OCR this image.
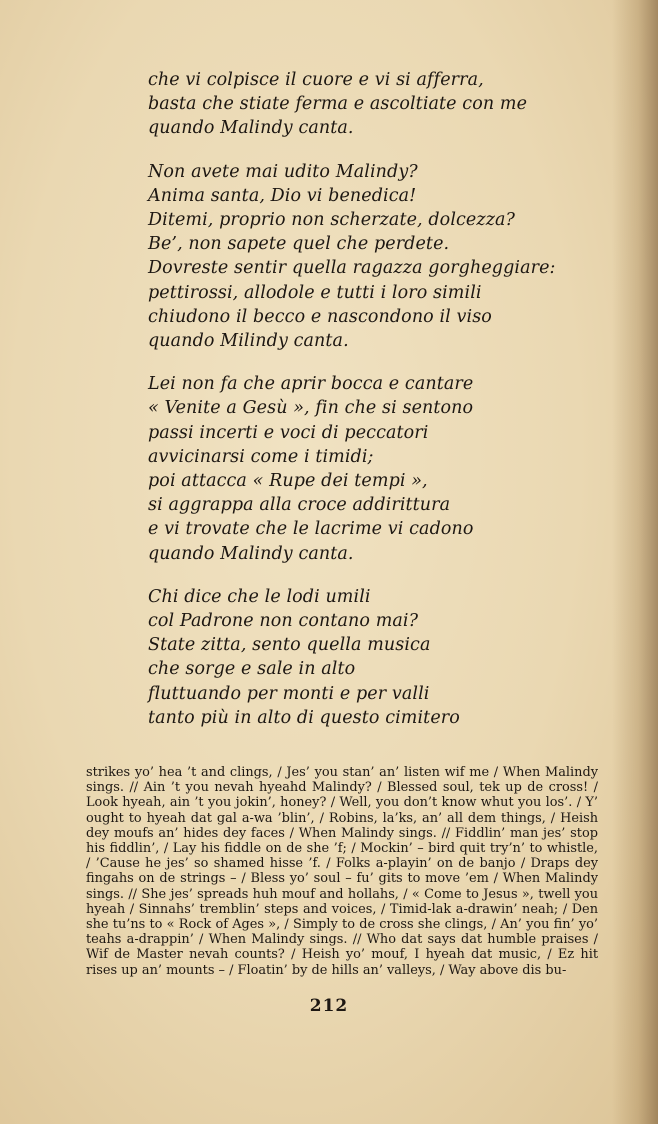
che vi colpisce il cuore e vi si afferra,
basta che stiate ferma e ascoltiate con me
quando Malindy canta.
Non avete mai udito Malindy?
Anima santa, Dio vi benedica!
Ditemi, proprio non scherzate, dolcezza?
Be’, non sapete quel che perdete.
Dovreste sentir quella ragazza gorgheggiare:
pettirossi, allodole e tutti i loro simili
chiudono il becco e nascondono il viso
quando Milindy canta.
Lei non fa che aprir bocca e cantare
« Venite a Gesù », fin che si sentono
passi incerti e voci di peccatori
avvicinarsi come i timidi;
poi attacca « Rupe dei tempi »,
si aggrappa alla croce addirittura
e vi trovate che le lacrime vi cadono
quando Malindy canta.
Chi dice che le lodi umili
col Padrone non contano mai?
State zitta, sento quella musica
che sorge e sale in alto
fluttuando per monti e per valli
tanto più in alto di questo cimitero
strikes yo’ hea ’t and clings, / Jes’ you stan’ an’ listen wif me / When Malindy sings. // Ain ’t you nevah hyeahd Malindy? / Blessed soul, tek up de cross! / Look hyeah, ain ’t you jokin’, honey? / Well, you don’t know whut you los’. / Y’ ought to hyeah dat gal a-wa ’blin’, / Robins, la’ks, an’ all dem things, / Heish dey moufs an’ hides dey faces / When Malindy sings. // Fiddlin’ man jes’ stop his fiddlin’, / Lay his fiddle on de she ’f; / Mockin’ – bird quit try’n’ to whistle, / ’Cause he jes’ so shamed hisse ’f. / Folks a-playin’ on de banjo / Draps dey fingahs on de strings – / Bless yo’ soul – fu’ gits to move ’em / When Malindy sings. // She jes’ spreads huh mouf and hollahs, / « Come to Jesus », twell you hyeah / Sinnahs’ tremblin’ steps and voices, / Timid-lak a-drawin’ neah; / Den she tu’ns to « Rock of Ages », / Simply to de cross she clings, / An’ you fin’ yo’ teahs a-drappin’ / When Malindy sings. // Who dat says dat humble praises / Wif de Master nevah counts? / Heish yo’ mouf, I hyeah dat music, / Ez hit rises up an’ mounts – / Floatin’ by de hills an’ valleys, / Way above dis bu-
212
